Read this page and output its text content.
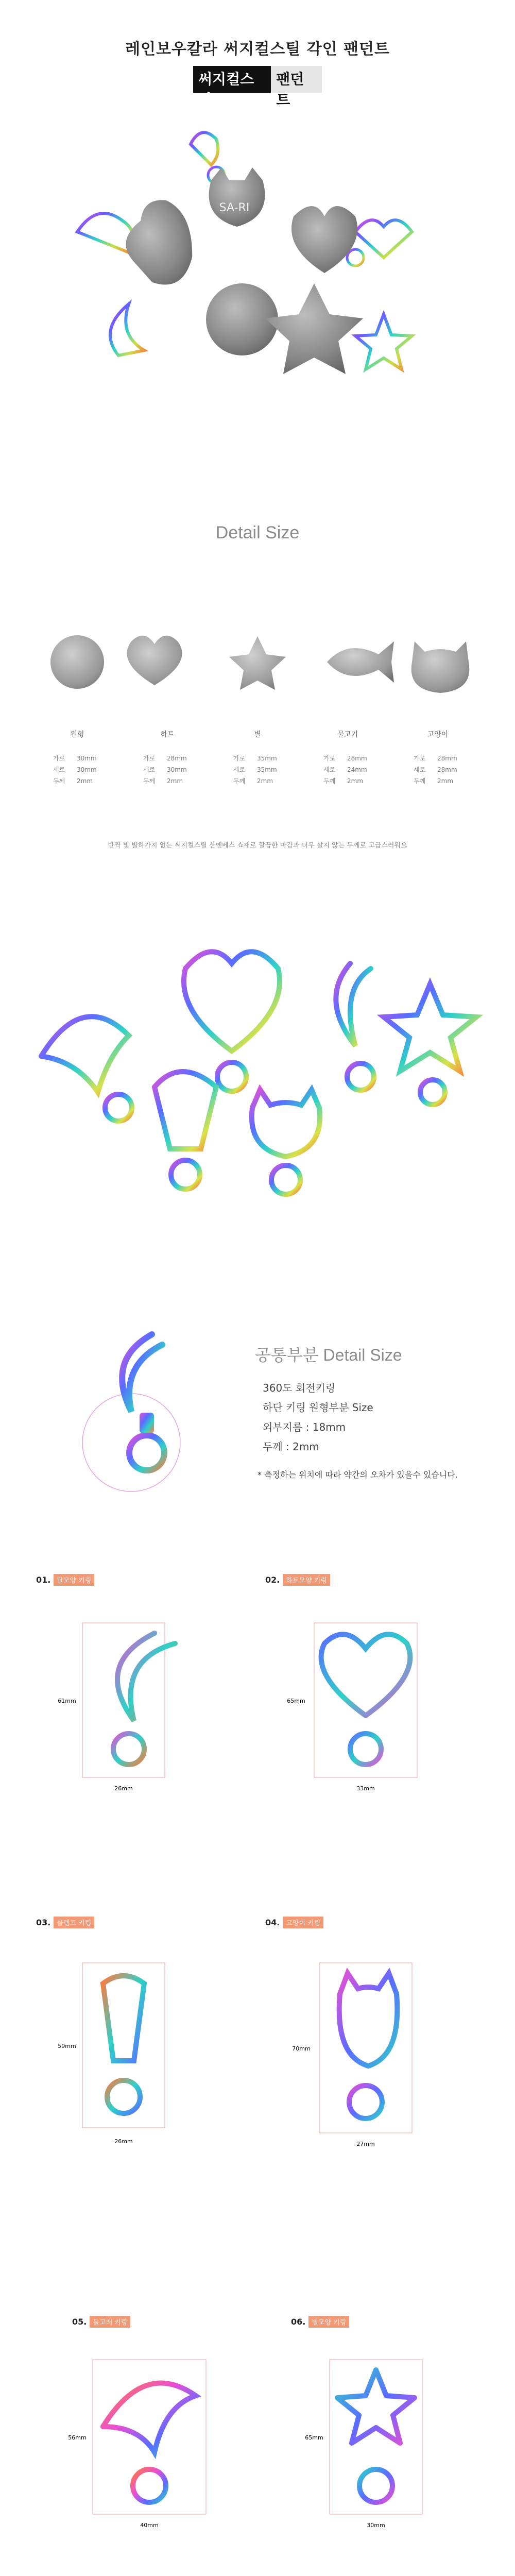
레인보우칼라 써지컬스틸 각인 팬던트
써지컬스틸
팬던트
SA-RI
Detail Size
원형
가로	30mm
세로	30mm
두께	2mm
하트
가로	28mm
세로	30mm
두께	2mm
별
가로	35mm
세로	35mm
두께	2mm
물고기
가로	28mm
세로	24mm
두께	2mm
고양이
가로	28mm
세로	28mm
두께	2mm
반짝 빛 발하가지 없는 써지컬스틸 산엔베스 쇼재로 깔끔한 마감과 너무 살지 않는 두께로 고급스러워요
공통부분 Detail Size
360도 회전키링
하단 키링 원형부분 Size
외부지름 : 18mm
두께 : 2mm
* 측정하는 위치에 따라 약간의 오차가 있을수 있습니다.
01. 달모양 키링
26mm
61mm
02. 하트모양 키링
33mm
65mm
03. 클램프 키링
26mm
59mm
04. 고양이 키링
27mm
70mm
05. 돌고래 키링
40mm
56mm
06. 별모양 키링
30mm
65mm
